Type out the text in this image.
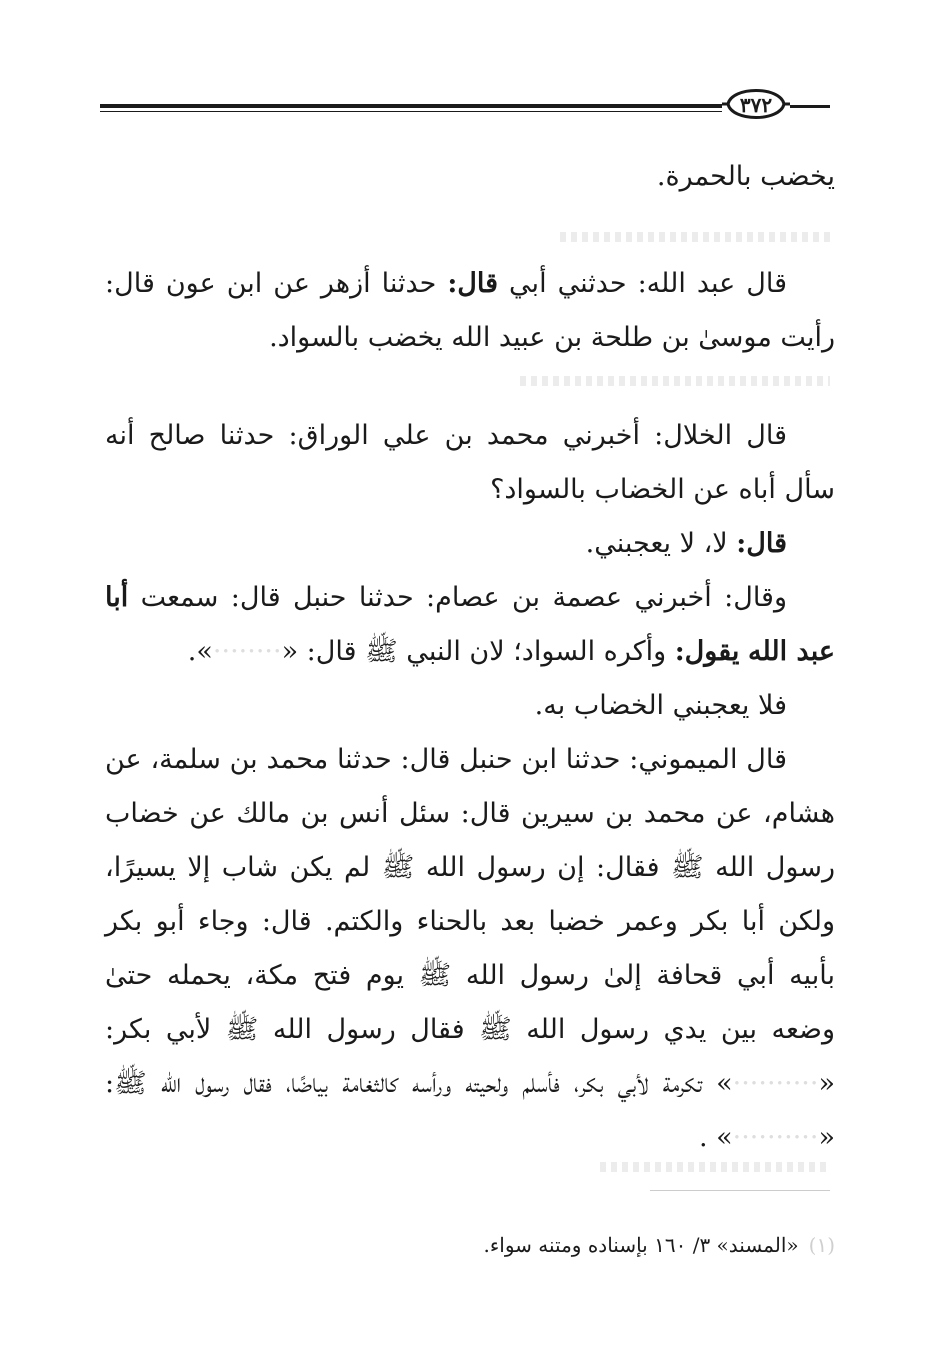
٣٧٢

يخضب بالحمرة.

قال عبد الله: حدثني أبي قال: حدثنا أزهر عن ابن عون قال: رأيت موسىٰ بن طلحة بن عبيد الله يخضب بالسواد.

قال الخلال: أخبرني محمد بن علي الوراق: حدثنا صالح أنه سأل أباه عن الخضاب بالسواد؟

قال: لا، لا يعجبني.

وقال: أخبرني عصمة بن عصام: حدثنا حنبل قال: سمعت أبا عبد الله يقول: وأكره السواد؛ لان النبي ﷺ قال: «········».

فلا يعجبني الخضاب به.

قال الميموني: حدثنا ابن حنبل قال: حدثنا محمد بن سلمة، عن هشام، عن محمد بن سيرين قال: سئل أنس بن مالك عن خضاب رسول الله ﷺ فقال: إن رسول الله ﷺ لم يكن شاب إلا يسيرًا، ولكن أبا بكر وعمر خضبا بعد بالحناء والكتم. قال: وجاء أبو بكر بأبيه أبي قحافة إلىٰ رسول الله ﷺ يوم فتح مكة، يحمله حتىٰ وضعه بين يدي رسول الله ﷺ فقال رسول الله ﷺ لأبي بكر: «··········» تكرمة لأبي بكر، فأسلم ولحيته ورأسه كالثغامة بياضًا، فقال رسول الله ﷺ: «··········» .

(١)«المسند» ٣/ ١٦٠ بإسناده ومتنه سواء.
